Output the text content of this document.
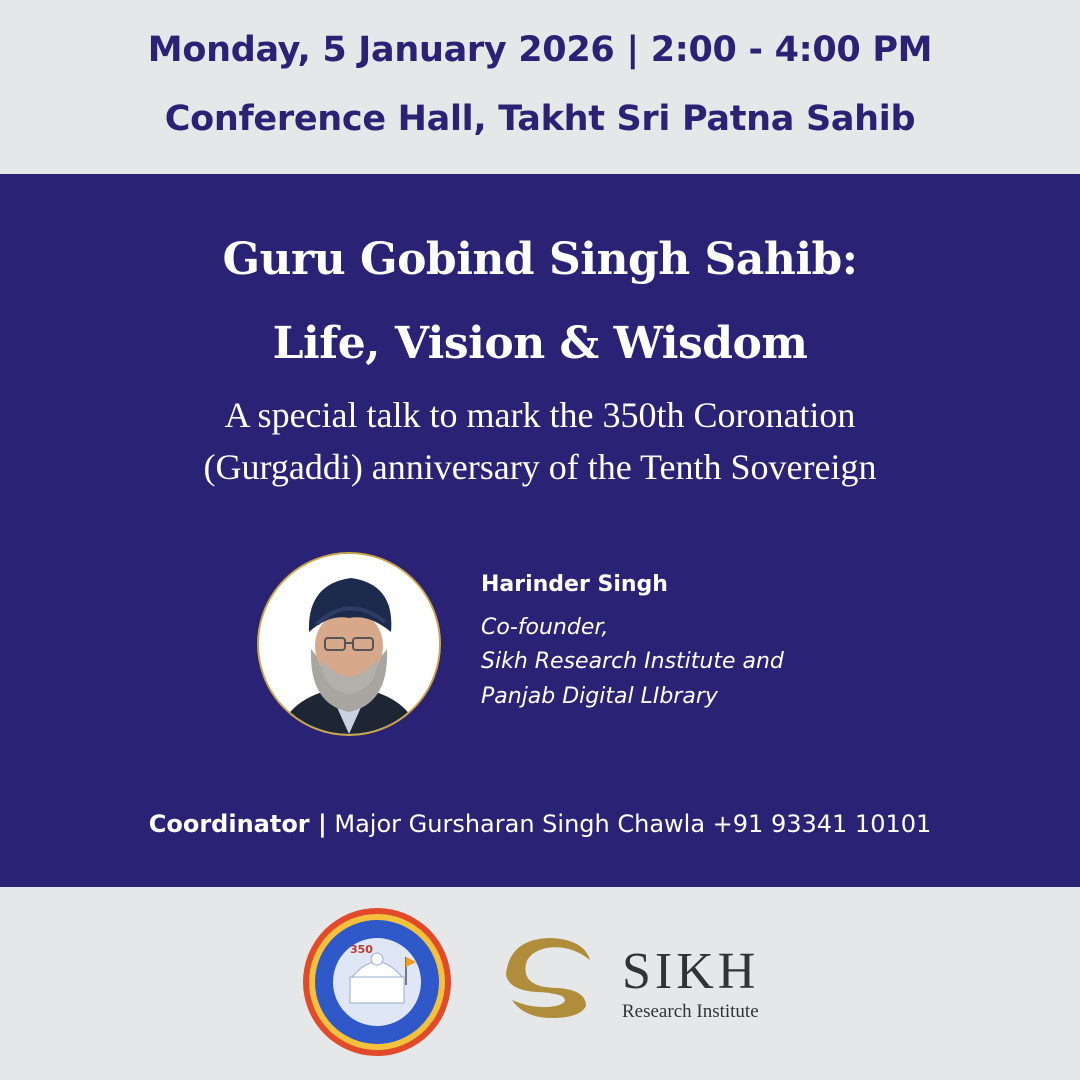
Monday, 5 January 2026 | 2:00 - 4:00 PM
Conference Hall, Takht Sri Patna Sahib
Guru Gobind Singh Sahib:
Life, Vision & Wisdom
A special talk to mark the 350th Coronation
(Gurgaddi) anniversary of the Tenth Sovereign
Harinder Singh
Co-founder,
Sikh Research Institute and
Panjab Digital LIbrary
Coordinator | Major Gursharan Singh Chawla +91 93341 10101
350	SIKH
Research Institute
